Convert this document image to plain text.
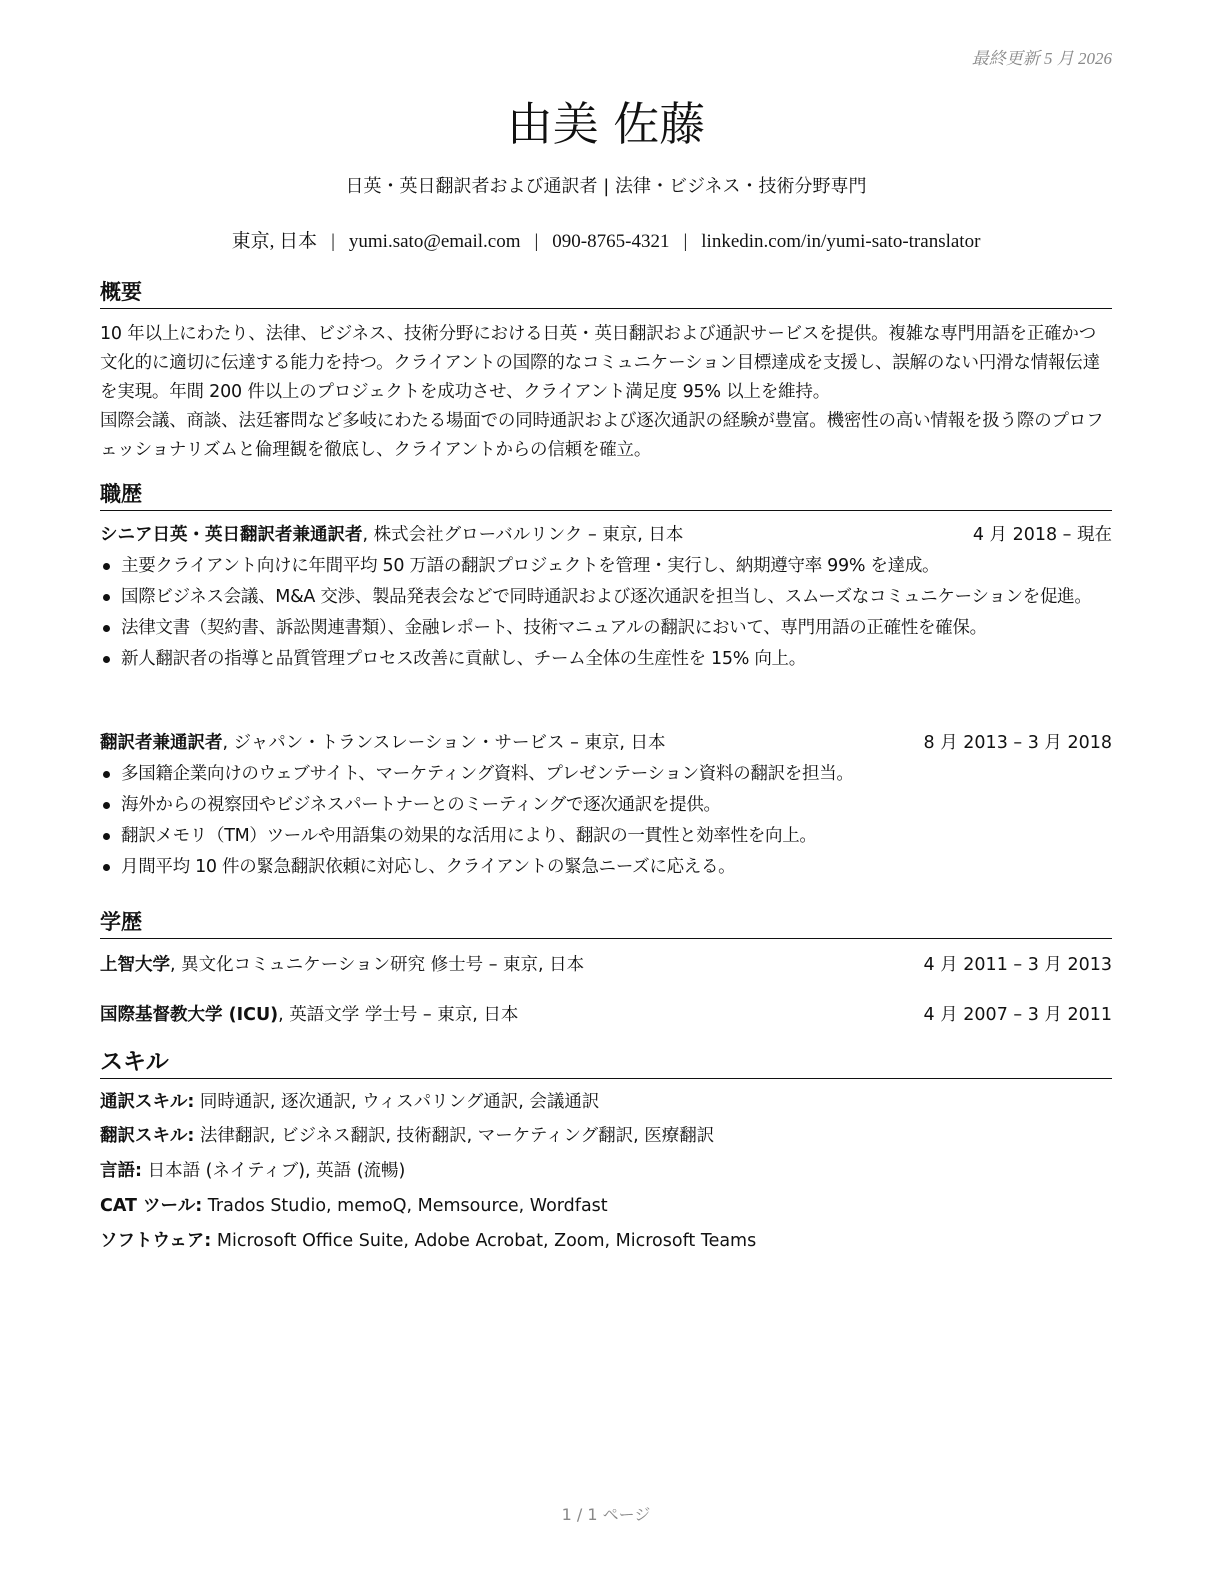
最終更新 5 月 2026
由美 佐藤
日英・英日翻訳者および通訳者 | 法律・ビジネス・技術分野専門
東京, 日本 | yumi.sato@email.com | 090-8765-4321 | linkedin.com/in/yumi-sato-translator
概要

10 年以上にわたり、法律、ビジネス、技術分野における日英・英日翻訳および通訳サービスを提供。複雑な専門用語を正確かつ文化的に適切に伝達する能力を持つ。クライアントの国際的なコミュニケーション目標達成を支援し、誤解のない円滑な情報伝達を実現。年間 200 件以上のプロジェクトを成功させ、クライアント満足度 95% 以上を維持。

国際会議、商談、法廷審問など多岐にわたる場面での同時通訳および逐次通訳の経験が豊富。機密性の高い情報を扱う際のプロフェッショナリズムと倫理観を徹底し、クライアントからの信頼を確立。

職歴
シニア日英・英日翻訳者兼通訳者, 株式会社グローバルリンク – 東京, 日本	4 月 2018 – 現在
主要クライアント向けに年間平均 50 万語の翻訳プロジェクトを管理・実行し、納期遵守率 99% を達成。
国際ビジネス会議、M&A 交渉、製品発表会などで同時通訳および逐次通訳を担当し、スムーズなコミュニケーションを促進。
法律文書（契約書、訴訟関連書類）、金融レポート、技術マニュアルの翻訳において、専門用語の正確性を確保。
新人翻訳者の指導と品質管理プロセス改善に貢献し、チーム全体の生産性を 15% 向上。
翻訳者兼通訳者, ジャパン・トランスレーション・サービス – 東京, 日本	8 月 2013 – 3 月 2018
多国籍企業向けのウェブサイト、マーケティング資料、プレゼンテーション資料の翻訳を担当。
海外からの視察団やビジネスパートナーとのミーティングで逐次通訳を提供。
翻訳メモリ（TM）ツールや用語集の効果的な活用により、翻訳の一貫性と効率性を向上。
月間平均 10 件の緊急翻訳依頼に対応し、クライアントの緊急ニーズに応える。
学歴
上智大学, 異文化コミュニケーション研究 修士号 – 東京, 日本	4 月 2011 – 3 月 2013
国際基督教大学 (ICU), 英語文学 学士号 – 東京, 日本	4 月 2007 – 3 月 2011
スキル
通訳スキル: 同時通訳, 逐次通訳, ウィスパリング通訳, 会議通訳
翻訳スキル: 法律翻訳, ビジネス翻訳, 技術翻訳, マーケティング翻訳, 医療翻訳
言語: 日本語 (ネイティブ), 英語 (流暢)
CAT ツール: Trados Studio, memoQ, Memsource, Wordfast
ソフトウェア: Microsoft Office Suite, Adobe Acrobat, Zoom, Microsoft Teams
1 / 1 ページ
